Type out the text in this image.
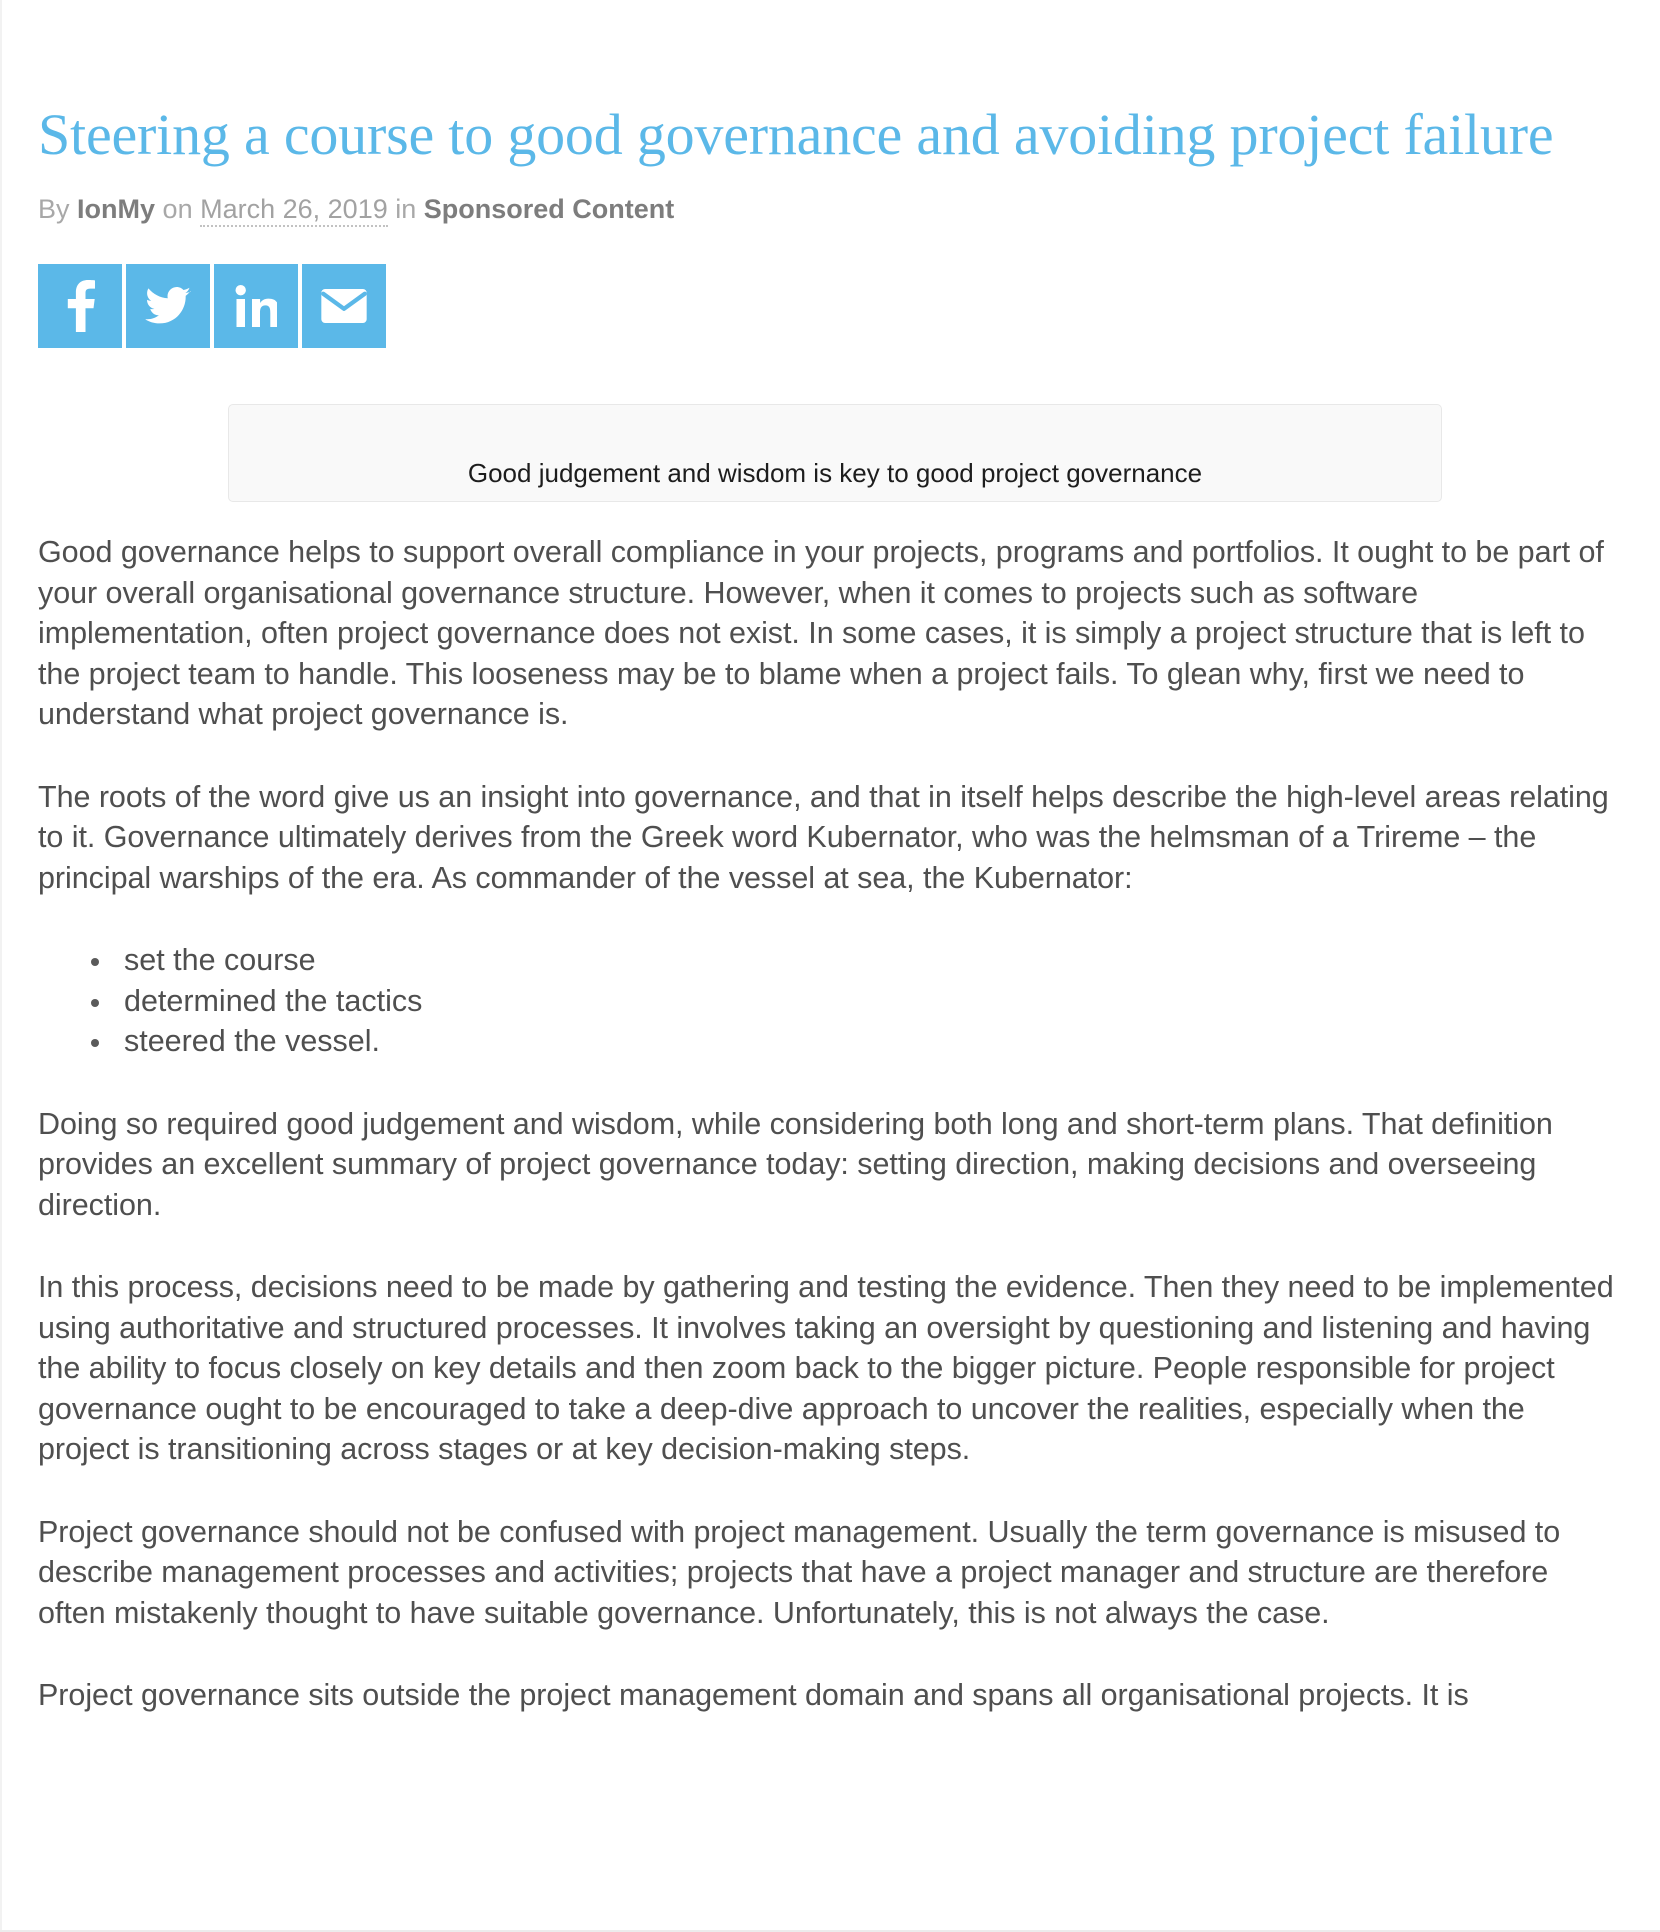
Steering a course to good governance and avoiding project failure
By IonMy on March 26, 2019 in Sponsored Content
Good judgement and wisdom is key to good project governance

Good governance helps to support overall compliance in your projects, programs and portfolios. It ought to be part of your overall organisational governance structure. However, when it comes to projects such as software implementation, often project governance does not exist. In some cases, it is simply a project structure that is left to the project team to handle. This looseness may be to blame when a project fails. To glean why, first we need to understand what project governance is.

The roots of the word give us an insight into governance, and that in itself helps describe the high-level areas relating to it. Governance ultimately derives from the Greek word Kubernator, who was the helmsman of a Trireme – the principal warships of the era. As commander of the vessel at sea, the Kubernator:

• set the course
• determined the tactics
• steered the vessel.

Doing so required good judgement and wisdom, while considering both long and short-term plans. That definition provides an excellent summary of project governance today: setting direction, making decisions and overseeing direction.

In this process, decisions need to be made by gathering and testing the evidence. Then they need to be implemented using authoritative and structured processes. It involves taking an oversight by questioning and listening and having the ability to focus closely on key details and then zoom back to the bigger picture. People responsible for project governance ought to be encouraged to take a deep-dive approach to uncover the realities, especially when the project is transitioning across stages or at key decision-making steps.

Project governance should not be confused with project management. Usually the term governance is misused to describe management processes and activities; projects that have a project manager and structure are therefore often mistakenly thought to have suitable governance. Unfortunately, this is not always the case.

Project governance sits outside the project management domain and spans all organisational projects. It is
